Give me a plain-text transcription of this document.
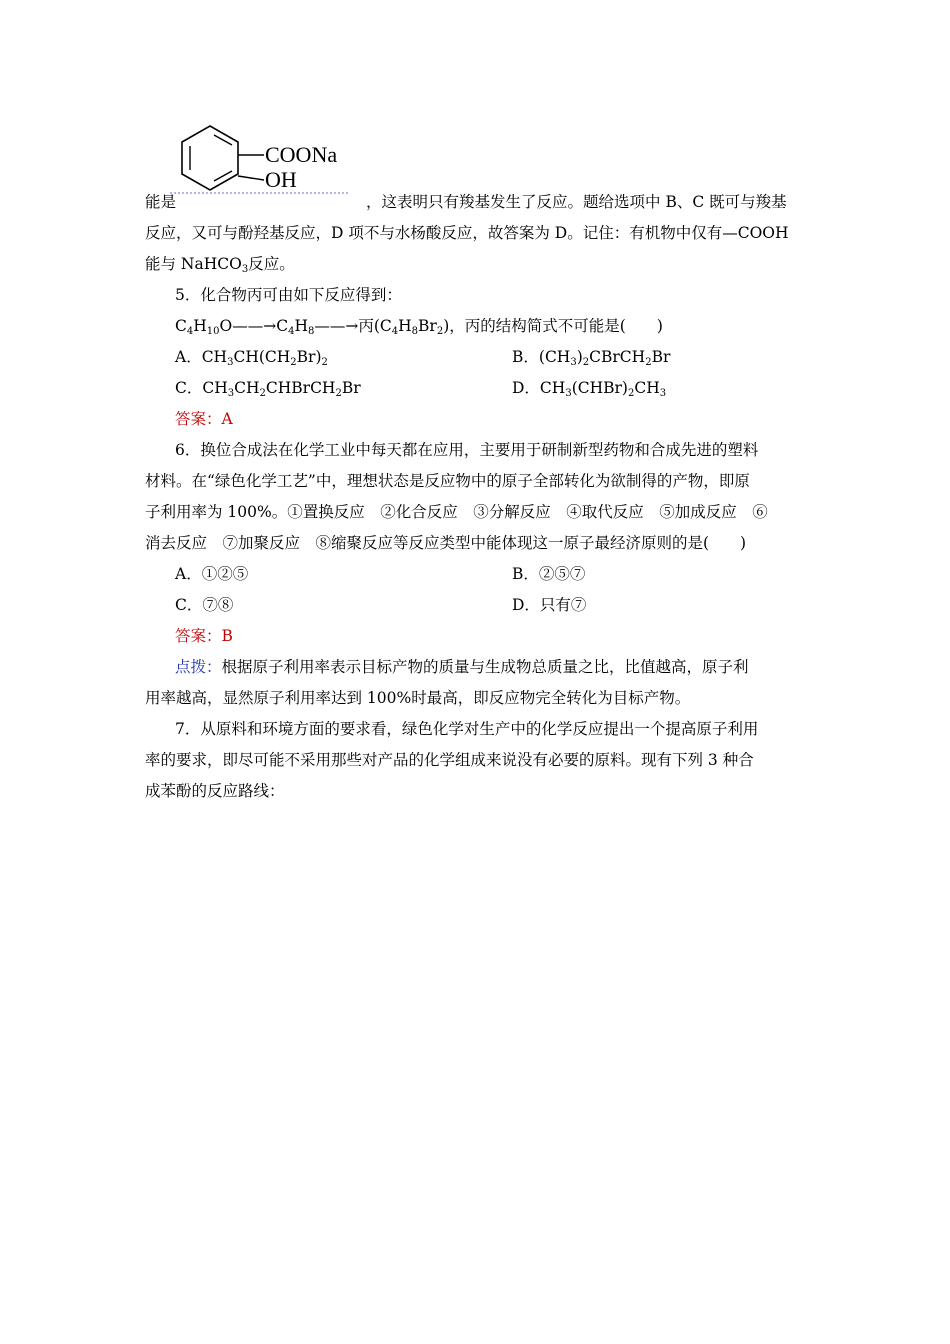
COONa
OH
能是	，这表明只有羧基发生了反应。题给选项中 B、C 既可与羧基
反应，又可与酚羟基反应，D 项不与水杨酸反应，故答案为 D。记住：有机物中仅有—COOH
能与 NaHCO$_3$反应。
5．化合物丙可由如下反应得到：
$C_4H_{10}O——\to C_4H_8——\to$丙$(C_4H_8Br_2)$，丙的结构简式不可能是(　　)
A．$CH_3CH(CH_2Br)_2$	B．$(CH_3)_2CBrCH_2Br$
C．$CH_3CH_2CHBrCH_2Br$	D．$CH_3(CHBr)_2CH_3$
答案：A
6．换位合成法在化学工业中每天都在应用，主要用于研制新型药物和合成先进的塑料
材料。在“绿色化学工艺”中，理想状态是反应物中的原子全部转化为欲制得的产物，即原
子利用率为 100%。①置换反应　②化合反应　③分解反应　④取代反应　⑤加成反应　⑥
消去反应　⑦加聚反应　⑧缩聚反应等反应类型中能体现这一原子最经济原则的是(　　)
A．①②⑤	B．②⑤⑦
C．⑦⑧	D．只有⑦
答案：B
点拨：根据原子利用率表示目标产物的质量与生成物总质量之比，比值越高，原子利
用率越高，显然原子利用率达到 100%时最高，即反应物完全转化为目标产物。
7．从原料和环境方面的要求看，绿色化学对生产中的化学反应提出一个提高原子利用
率的要求，即尽可能不采用那些对产品的化学组成来说没有必要的原料。现有下列 3 种合
成苯酚的反应路线：
